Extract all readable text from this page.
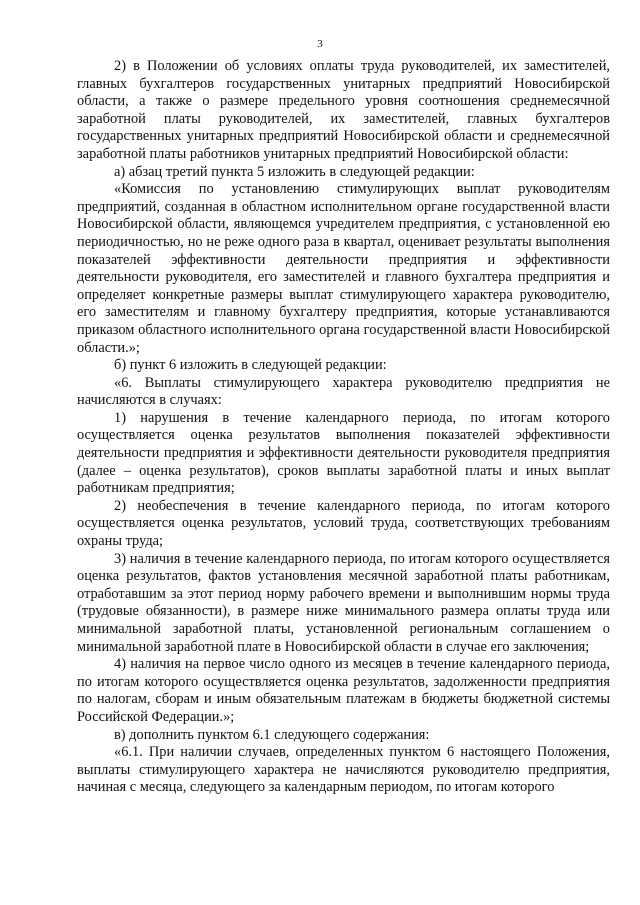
3

2) в Положении об условиях оплаты труда руководителей, их заместителей, главных бухгалтеров государственных унитарных предприятий Новосибирской области, а также о размере предельного уровня соотношения среднемесячной заработной платы руководителей, их заместителей, главных бухгалтеров государственных унитарных предприятий Новосибирской области и среднемесячной заработной платы работников унитарных предприятий Новосибирской области:

а) абзац третий пункта 5 изложить в следующей редакции:

«Комиссия по установлению стимулирующих выплат руководителям предприятий, созданная в областном исполнительном органе государственной власти Новосибирской области, являющемся учредителем предприятия, с установленной ею периодичностью, но не реже одного раза в квартал, оценивает результаты выполнения показателей эффективности деятельности предприятия и эффективности деятельности руководителя, его заместителей и главного бухгалтера предприятия и определяет конкретные размеры выплат стимулирующего характера руководителю, его заместителям и главному бухгалтеру предприятия, которые устанавливаются приказом областного исполнительного органа государственной власти Новосибирской области.»;

б) пункт 6 изложить в следующей редакции:

«6. Выплаты стимулирующего характера руководителю предприятия не начисляются в случаях:

1) нарушения в течение календарного периода, по итогам которого осуществляется оценка результатов выполнения показателей эффективности деятельности предприятия и эффективности деятельности руководителя предприятия (далее – оценка результатов), сроков выплаты заработной платы и иных выплат работникам предприятия;

2) необеспечения в течение календарного периода, по итогам которого осуществляется оценка результатов, условий труда, соответствующих требованиям охраны труда;

3) наличия в течение календарного периода, по итогам которого осуществляется оценка результатов, фактов установления месячной заработной платы работникам, отработавшим за этот период норму рабочего времени и выполнившим нормы труда (трудовые обязанности), в размере ниже минимального размера оплаты труда или минимальной заработной платы, установленной региональным соглашением о минимальной заработной плате в Новосибирской области в случае его заключения;

4) наличия на первое число одного из месяцев в течение календарного периода, по итогам которого осуществляется оценка результатов, задолженности предприятия по налогам, сборам и иным обязательным платежам в бюджеты бюджетной системы Российской Федерации.»;

в) дополнить пунктом 6.1 следующего содержания:

«6.1. При наличии случаев, определенных пунктом 6 настоящего Положения, выплаты стимулирующего характера не начисляются руководителю предприятия, начиная с месяца, следующего за календарным периодом, по итогам которого
